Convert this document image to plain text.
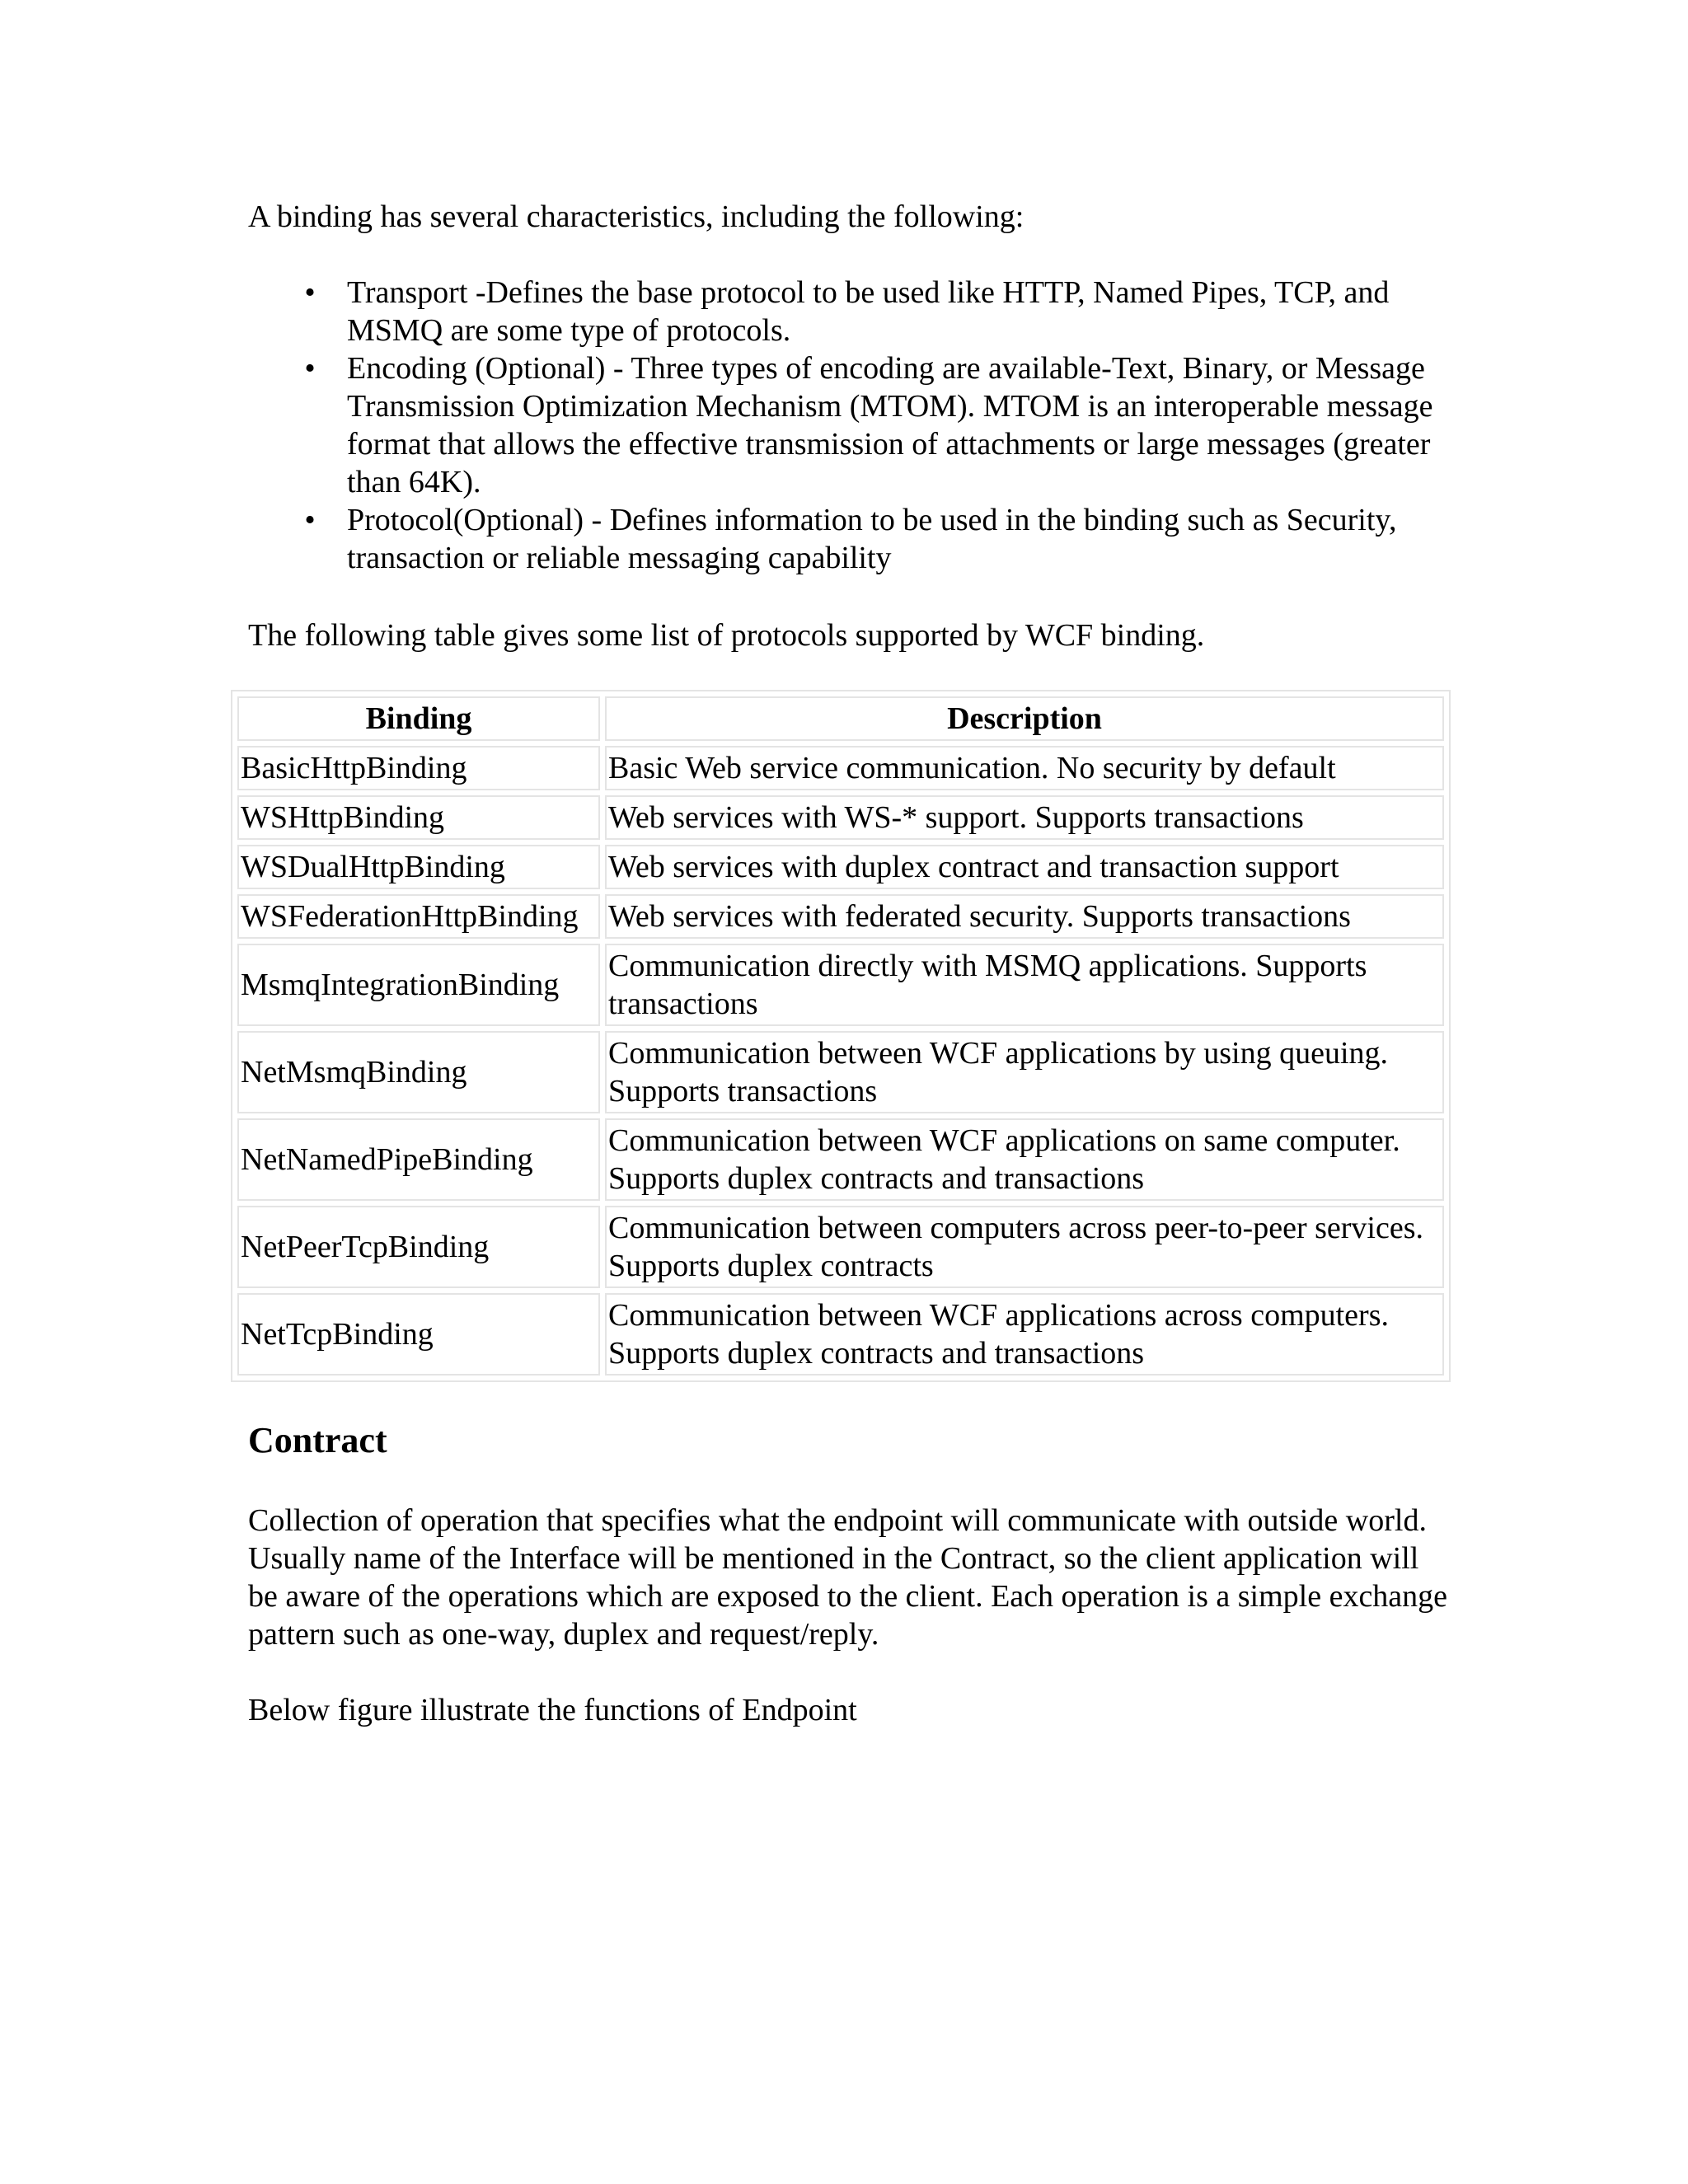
A binding has several characteristics, including the following:

• Transport -Defines the base protocol to be used like HTTP, Named Pipes, TCP, and MSMQ are some type of protocols.
• Encoding (Optional) - Three types of encoding are available-Text, Binary, or Message Transmission Optimization Mechanism (MTOM). MTOM is an interoperable message format that allows the effective transmission of attachments or large messages (greater than 64K).
• Protocol(Optional) - Defines information to be used in the binding such as Security, transaction or reliable messaging capability

The following table gives some list of protocols supported by WCF binding.

Binding	Description
BasicHttpBinding	Basic Web service communication. No security by default
WSHttpBinding	Web services with WS-* support. Supports transactions
WSDualHttpBinding	Web services with duplex contract and transaction support
WSFederationHttpBinding	Web services with federated security. Supports transactions
MsmqIntegrationBinding	Communication directly with MSMQ applications. Supports transactions
NetMsmqBinding	Communication between WCF applications by using queuing. Supports transactions
NetNamedPipeBinding	Communication between WCF applications on same computer. Supports duplex contracts and transactions
NetPeerTcpBinding	Communication between computers across peer-to-peer services. Supports duplex contracts
NetTcpBinding	Communication between WCF applications across computers. Supports duplex contracts and transactions
Contract

Collection of operation that specifies what the endpoint will communicate with outside world. Usually name of the Interface will be mentioned in the Contract, so the client application will be aware of the operations which are exposed to the client. Each operation is a simple exchange pattern such as one-way, duplex and request/reply.

Below figure illustrate the functions of Endpoint
